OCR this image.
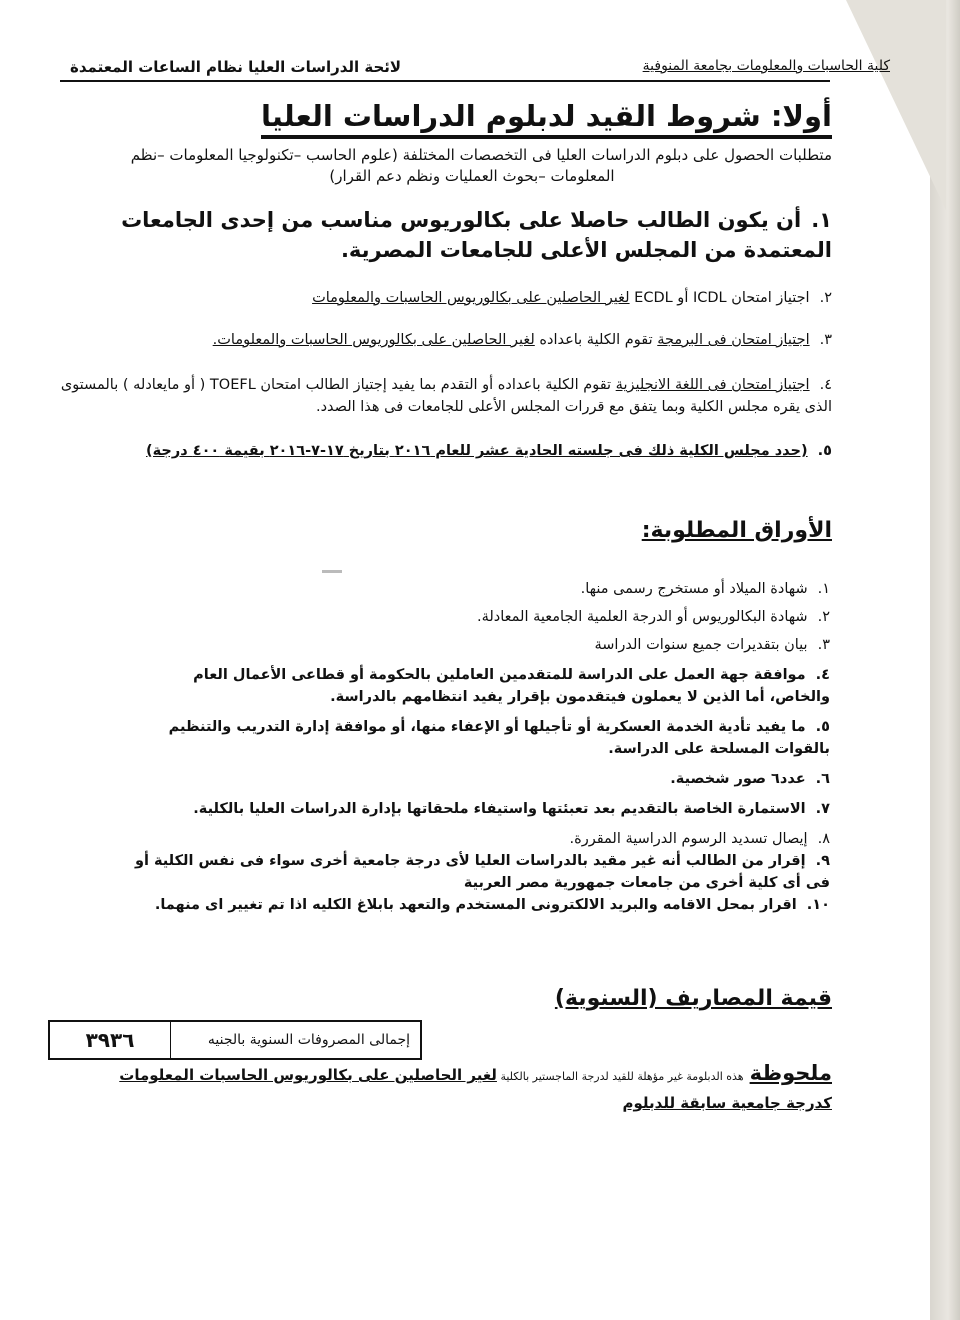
كلية الحاسبات والمعلومات بجامعة المنوفية
لائحة الدراسات العليا نظام الساعات المعتمدة
أولا: شروط القيد لدبلوم الدراسات العليا
متطلبات الحصول على دبلوم الدراسات العليا فى التخصصات المختلفة (علوم الحاسب –تكنولوجيا المعلومات –نظم
المعلومات –بحوث العمليات ونظم دعم القرار)
١.أن يكون الطالب حاصلا على بكالوريوس مناسب من إحدى الجامعات المعتمدة من المجلس الأعلى للجامعات المصرية.
٢.اجتياز امتحان ICDL أو ECDL لغير الحاصلين على بكالوريوس الحاسبات والمعلومات
٣.اجتياز امتحان فى البرمجة تقوم الكلية باعداده لغير الحاصلين على بكالوريوس الحاسبات والمعلومات.
٤.اجتياز امتحان فى اللغة الانجليزية تقوم الكلية باعداده أو التقدم بما يفيد إجتياز الطالب امتحان TOEFL ( أو مايعادله ) بالمستوى الذى يقره مجلس الكلية وبما يتفق مع قررات المجلس الأعلى للجامعات فى هذا الصدد.
٥.(حدد مجلس الكلية ذلك فى جلسته الحادية عشر للعام ٢٠١٦ بتاريخ ١٧-٧-٢٠١٦ بقيمة ٤٠٠ درجة)
الأوراق المطلوبة:
١.شهادة الميلاد أو مستخرج رسمى منها.
٢.شهادة البكالوريوس أو الدرجة العلمية الجامعية المعادلة.
٣.بيان بتقديرات جميع سنوات الدراسة
٤.موافقة جهة العمل على الدراسة للمتقدمين العاملين بالحكومة أو قطاعى الأعمال العام والخاص، أما الذين لا يعملون فيتقدمون بإقرار يفيد انتظامهم بالدراسة.
٥.ما يفيد تأدية الخدمة العسكرية أو تأجيلها أو الإعفاء منها، أو موافقة إدارة التدريب والتنظيم بالقوات المسلحة على الدراسة.
٦.عدد٦ صور شخصية.
٧.الاستمارة الخاصة بالتقديم بعد تعبئتها واستيفاء ملحقاتها بإدارة الدراسات العليا بالكلية.
٨.إيصال تسديد الرسوم الدراسية المقررة.
٩.إقرار من الطالب أنه غير مقيد بالدراسات العليا لأى درجة جامعية أخرى سواء فى نفس الكلية أو فى أى كلية أخرى من جامعات جمهورية مصر العربية
١٠.اقرار بمحل الاقامه والبريد الالكترونى المستخدم والتعهد بابلاغ الكليه اذا تم تغيير اى منهما.
قيمة المصاريف (السنوية)
إجمالى المصروفات السنوية بالجنيه
٣٩٣٦
ملحوظةهذه الدبلومة غير مؤهلة للقيد لدرجة الماجستير بالكلية لغير الحاصلين على بكالوريوس الحاسبات المعلومات كدرجة جامعية سابقة للدبلوم
